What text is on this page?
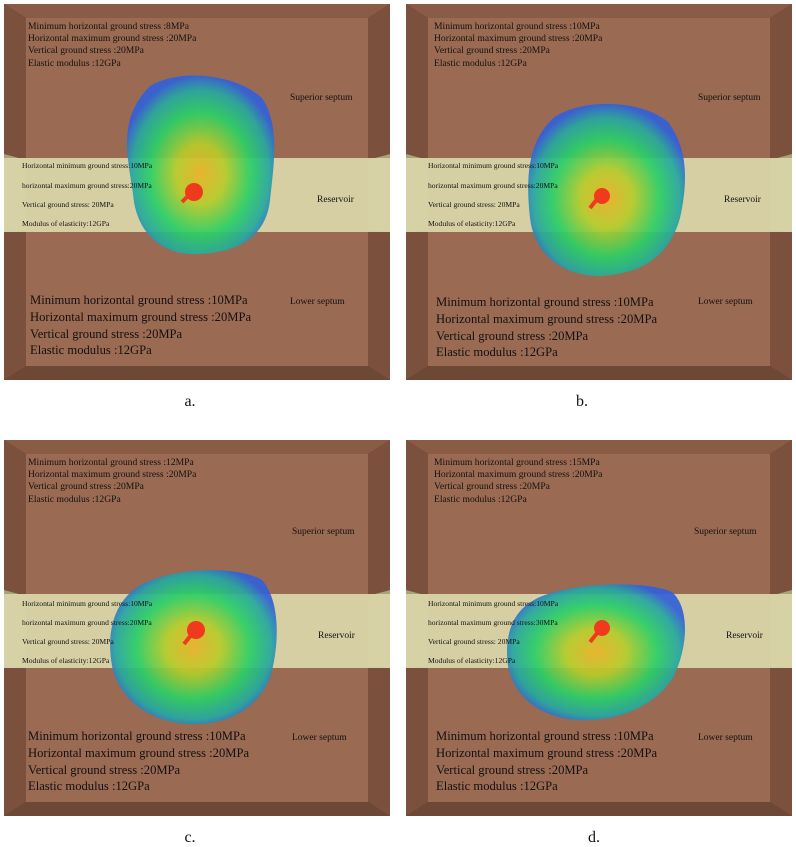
Minimum horizontal ground stress :8MPa
Horizontal maximum ground stress :20MPa
Vertical ground stress :20MPa
Elastic modulus :12GPa
Superior septum
Horizontal minimum ground stress:10MPa
horizontal maximum ground stress:20MPa
Vertical ground stress: 20MPa
Modulus of elasticity:12GPa
Reservoir
Minimum horizontal ground stress :10MPa
Horizontal maximum ground stress :20MPa
Vertical ground stress :20MPa
Elastic modulus :12GPa
Lower septum
a.
Minimum horizontal ground stress :10MPa
Horizontal maximum ground stress :20MPa
Vertical ground stress :20MPa
Elastic modulus :12GPa
Superior septum
Horizontal minimum ground stress:10MPa
horizontal maximum ground stress:20MPa
Vertical ground stress: 20MPa
Modulus of elasticity:12GPa
Reservoir
Minimum horizontal ground stress :10MPa
Horizontal maximum ground stress :20MPa
Vertical ground stress :20MPa
Elastic modulus :12GPa
Lower septum
b.
Minimum horizontal ground stress :12MPa
Horizontal maximum ground stress :20MPa
Vertical ground stress :20MPa
Elastic modulus :12GPa
Superior septum
Horizontal minimum ground stress:10MPa
horizontal maximum ground stress:20MPa
Vertical ground stress: 20MPa
Modulus of elasticity:12GPa
Reservoir
Minimum horizontal ground stress :10MPa
Horizontal maximum ground stress :20MPa
Vertical ground stress :20MPa
Elastic modulus :12GPa
Lower septum
c.
Minimum horizontal ground stress :15MPa
Horizontal maximum ground stress :20MPa
Vertical ground stress :20MPa
Elastic modulus :12GPa
Superior septum
Horizontal minimum ground stress:10MPa
horizontal maximum ground stress:30MPa
Vertical ground stress: 20MPa
Modulus of elasticity:12GPa
Reservoir
Minimum horizontal ground stress :10MPa
Horizontal maximum ground stress :20MPa
Vertical ground stress :20MPa
Elastic modulus :12GPa
Lower septum
d.
